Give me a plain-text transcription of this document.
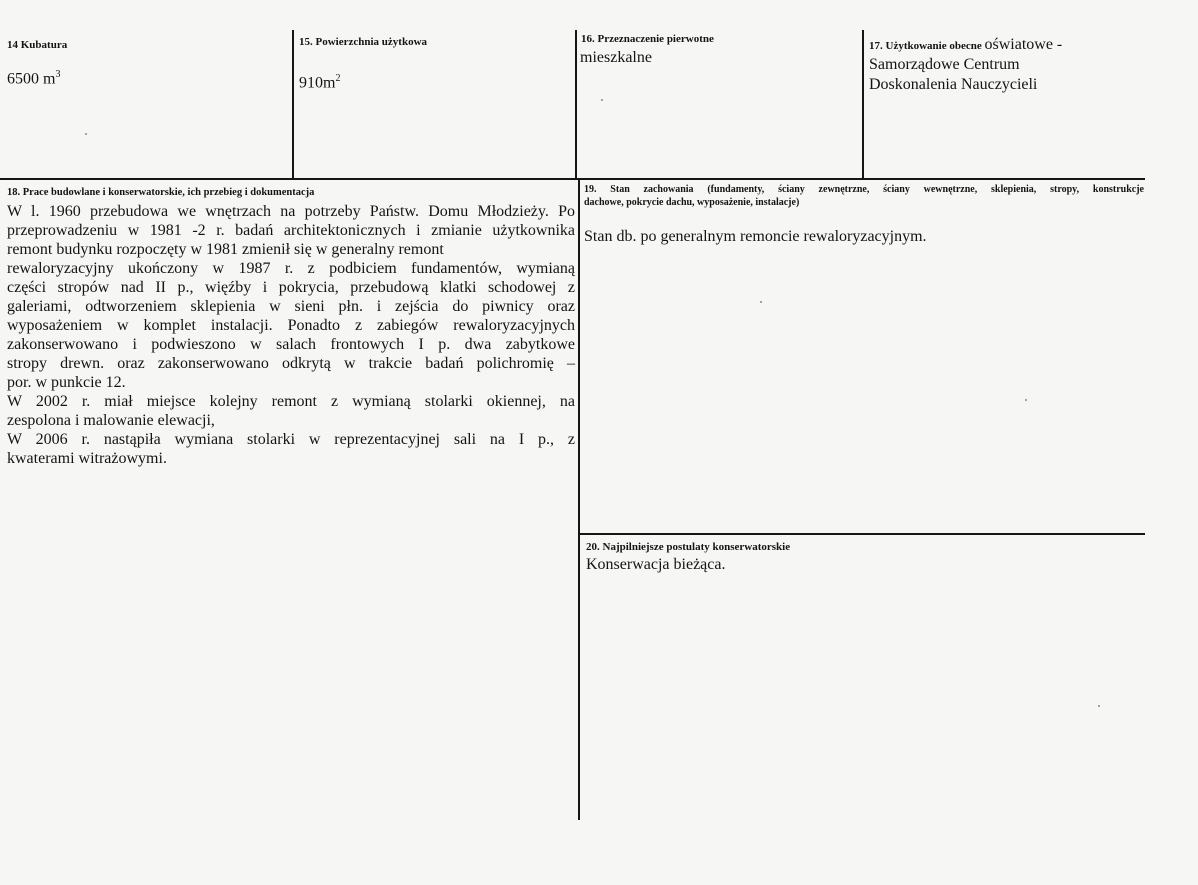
14 Kubatura
6500 $m^3$
15. Powierzchnia użytkowa
$910m^2$
16. Przeznaczenie pierwotne
mieszkalne
17. Użytkowanie obecne oświatowe -
Samorządowe Centrum
Doskonalenia Nauczycieli
18. Prace budowlane i konserwatorskie, ich przebieg i dokumentacja

W l. 1960 przebudowa we wnętrzach na potrzeby Państw. Domu Młodzieży. Po

przeprowadzeniu w 1981 -2 r. badań architektonicznych i zmianie użytkownika

remont budynku rozpoczęty w 1981 zmienił się w generalny remont

rewaloryzacyjny ukończony w 1987 r. z podbiciem fundamentów, wymianą

części stropów nad II p., więźby i pokrycia, przebudową klatki schodowej z

galeriami, odtworzeniem sklepienia w sieni płn. i zejścia do piwnicy oraz

wyposażeniem w komplet instalacji. Ponadto z zabiegów rewaloryzacyjnych

zakonserwowano i podwieszono w salach frontowych I p. dwa zabytkowe

stropy drewn. oraz zakonserwowano odkrytą w trakcie badań polichromię –

por. w punkcie 12.

W 2002 r. miał miejsce kolejny remont z wymianą stolarki okiennej, na

zespolona i malowanie elewacji,

W 2006 r. nastąpiła wymiana stolarki w reprezentacyjnej sali na I p., z

kwaterami witrażowymi.

19. Stan zachowania (fundamenty, ściany zewnętrzne, ściany wewnętrzne, sklepienia, stropy, konstrukcje
dachowe, pokrycie dachu, wyposażenie, instalacje)
Stan db. po generalnym remoncie rewaloryzacyjnym.
20. Najpilniejsze postulaty konserwatorskie
Konserwacja bieżąca.
